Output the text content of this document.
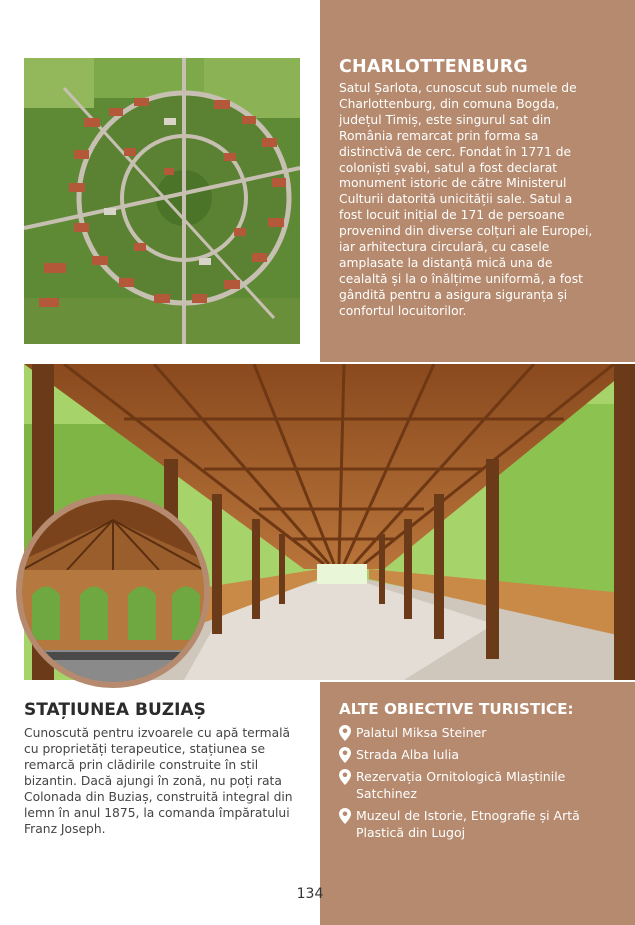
CHARLOTTENBURG

Satul Șarlota, cunoscut sub numele de Charlottenburg, din comuna Bogda, județul Timiș, este singurul sat din România remarcat prin forma sa distinctivă de cerc. Fondat în 1771 de coloniști șvabi, satul a fost declarat monument istoric de către Ministerul Culturii datorită unicității sale. Satul a fost locuit inițial de 171 de persoane provenind din diverse colțuri ale Europei, iar arhitectura circulară, cu casele amplasate la distanță mică una de cealaltă și la o înălțime uniformă, a fost gândită pentru a asigura siguranța și confortul locuitorilor.

STAȚIUNEA BUZIAȘ

Cunoscută pentru izvoarele cu apă termală cu proprietăți terapeutice, stațiunea se remarcă prin clădirile construite în stil bizantin. Dacă ajungi în zonă, nu poți rata Colonada din Buziaș, construită integral din lemn în anul 1875, la comanda împăratului Franz Joseph.

ALTE OBIECTIVE TURISTICE:
Palatul Miksa Steiner
Strada Alba Iulia
Rezervația Ornitologică Mlaștinile Satchinez
Muzeul de Istorie, Etnografie și Artă Plastică din Lugoj
134
